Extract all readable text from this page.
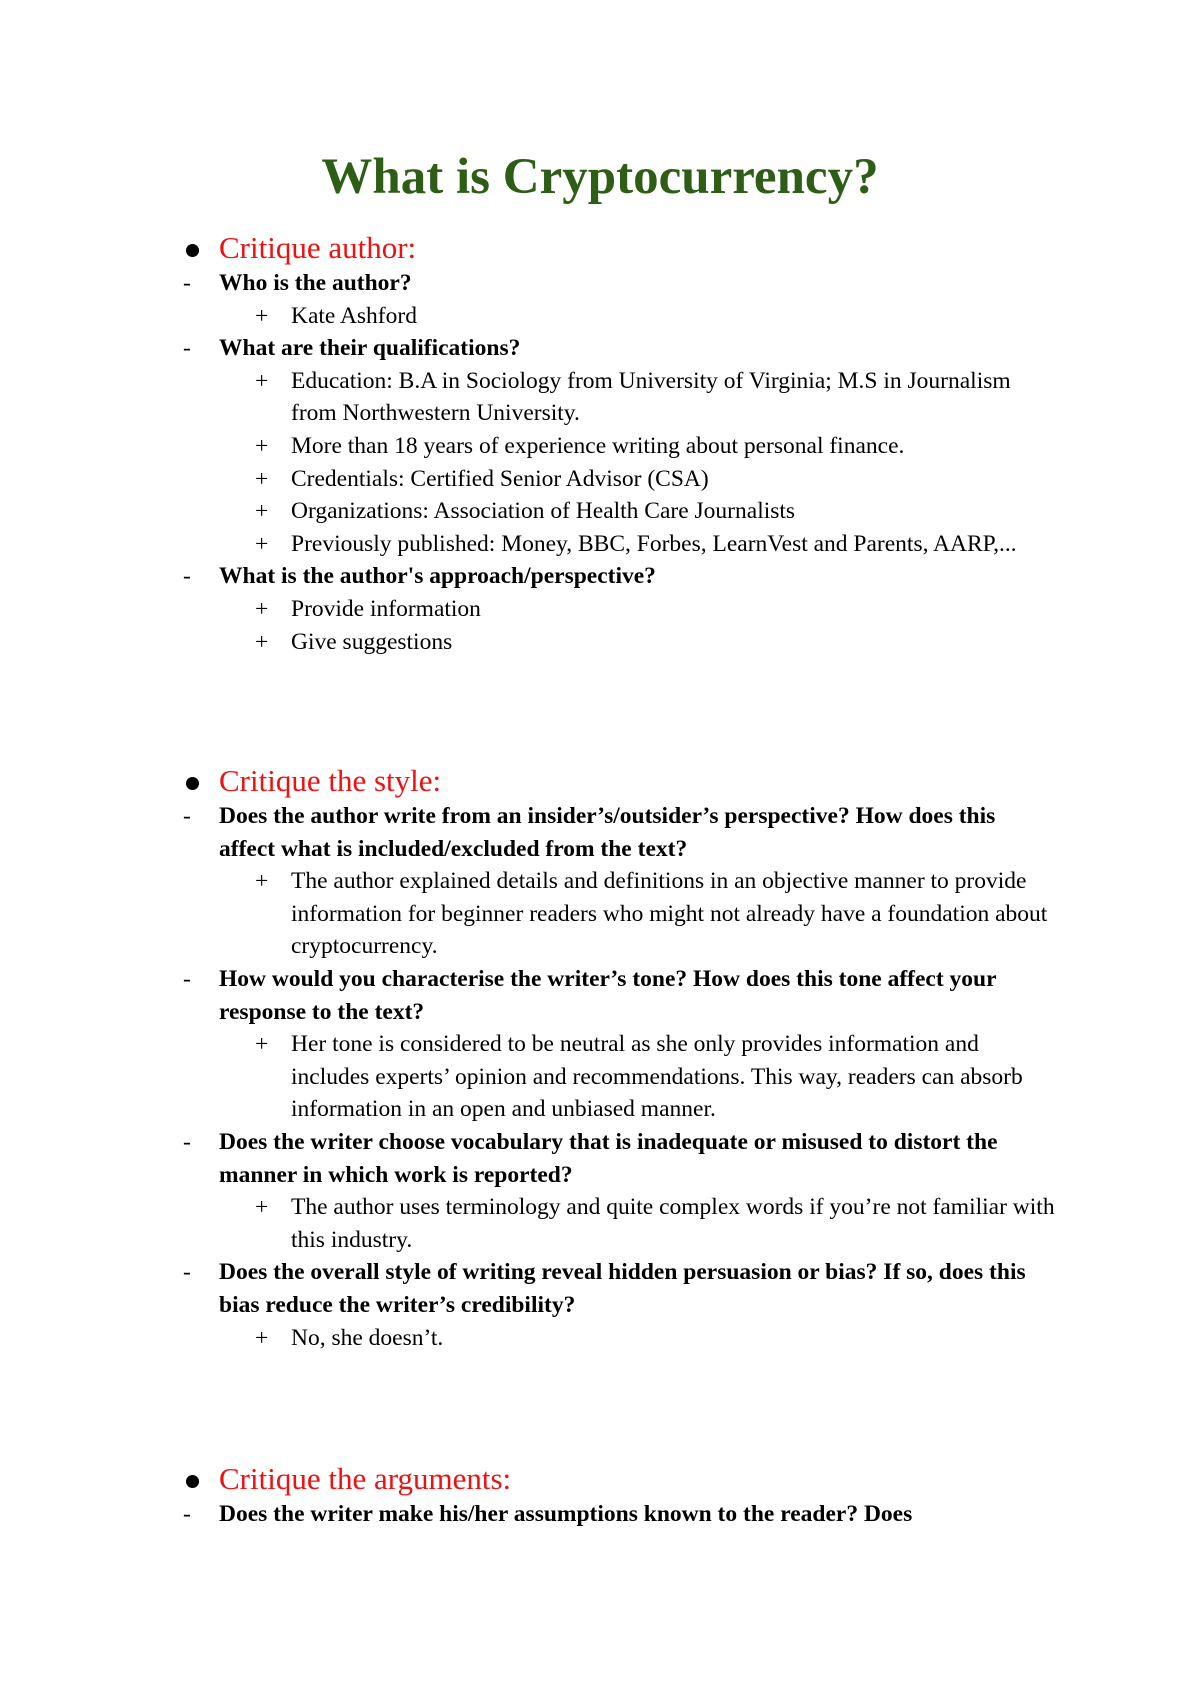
What is Cryptocurrency?
Critique author:
- Who is the author?
+ Kate Ashford
- What are their qualifications?
+ Education: B.A in Sociology from University of Virginia; M.S in Journalism from Northwestern University.
+ More than 18 years of experience writing about personal finance.
+ Credentials: Certified Senior Advisor (CSA)
+ Organizations: Association of Health Care Journalists
+ Previously published: Money, BBC, Forbes, LearnVest and Parents, AARP,...
- What is the author's approach/perspective?
+ Provide information
+ Give suggestions
Critique the style:
- Does the author write from an insider’s/outsider’s perspective? How does this affect what is included/excluded from the text?
+ The author explained details and definitions in an objective manner to provide information for beginner readers who might not already have a foundation about cryptocurrency.
- How would you characterise the writer’s tone? How does this tone affect your response to the text?
+ Her tone is considered to be neutral as she only provides information and includes experts’ opinion and recommendations. This way, readers can absorb information in an open and unbiased manner.
- Does the writer choose vocabulary that is inadequate or misused to distort the manner in which work is reported?
+ The author uses terminology and quite complex words if you’re not familiar with this industry.
- Does the overall style of writing reveal hidden persuasion or bias? If so, does this bias reduce the writer’s credibility?
+ No, she doesn’t.
Critique the arguments:
- Does the writer make his/her assumptions known to the reader? Does
